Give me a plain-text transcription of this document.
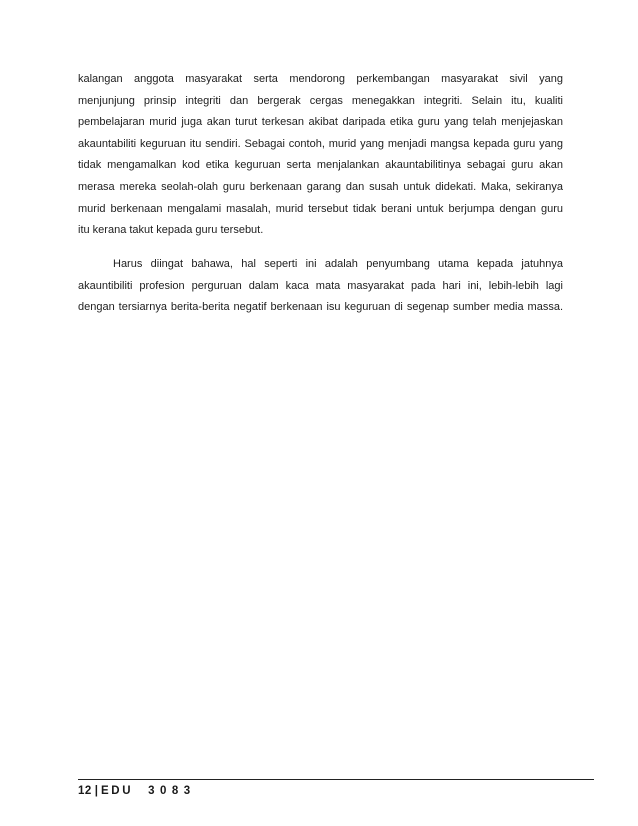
kalangan anggota masyarakat serta mendorong perkembangan masyarakat sivil yang
menjunjung prinsip integriti dan bergerak cergas menegakkan integriti. Selain itu, kualiti
pembelajaran murid juga akan turut terkesan akibat daripada etika guru yang telah menjejaskan
akauntabiliti keguruan itu sendiri. Sebagai contoh, murid yang menjadi mangsa kepada guru yang
tidak mengamalkan kod etika keguruan serta menjalankan akauntabilitinya sebagai guru akan
merasa mereka seolah-olah guru berkenaan garang dan susah untuk didekati. Maka, sekiranya
murid berkenaan mengalami masalah, murid tersebut tidak berani untuk berjumpa dengan guru
itu kerana takut kepada guru tersebut.
Harus diingat bahawa, hal seperti ini adalah penyumbang utama kepada jatuhnya
akauntibiliti profesion perguruan dalam kaca mata masyarakat pada hari ini, lebih-lebih lagi
dengan tersiarnya berita-berita negatif berkenaan isu keguruan di segenap sumber media massa.
12 | EDU 3083
